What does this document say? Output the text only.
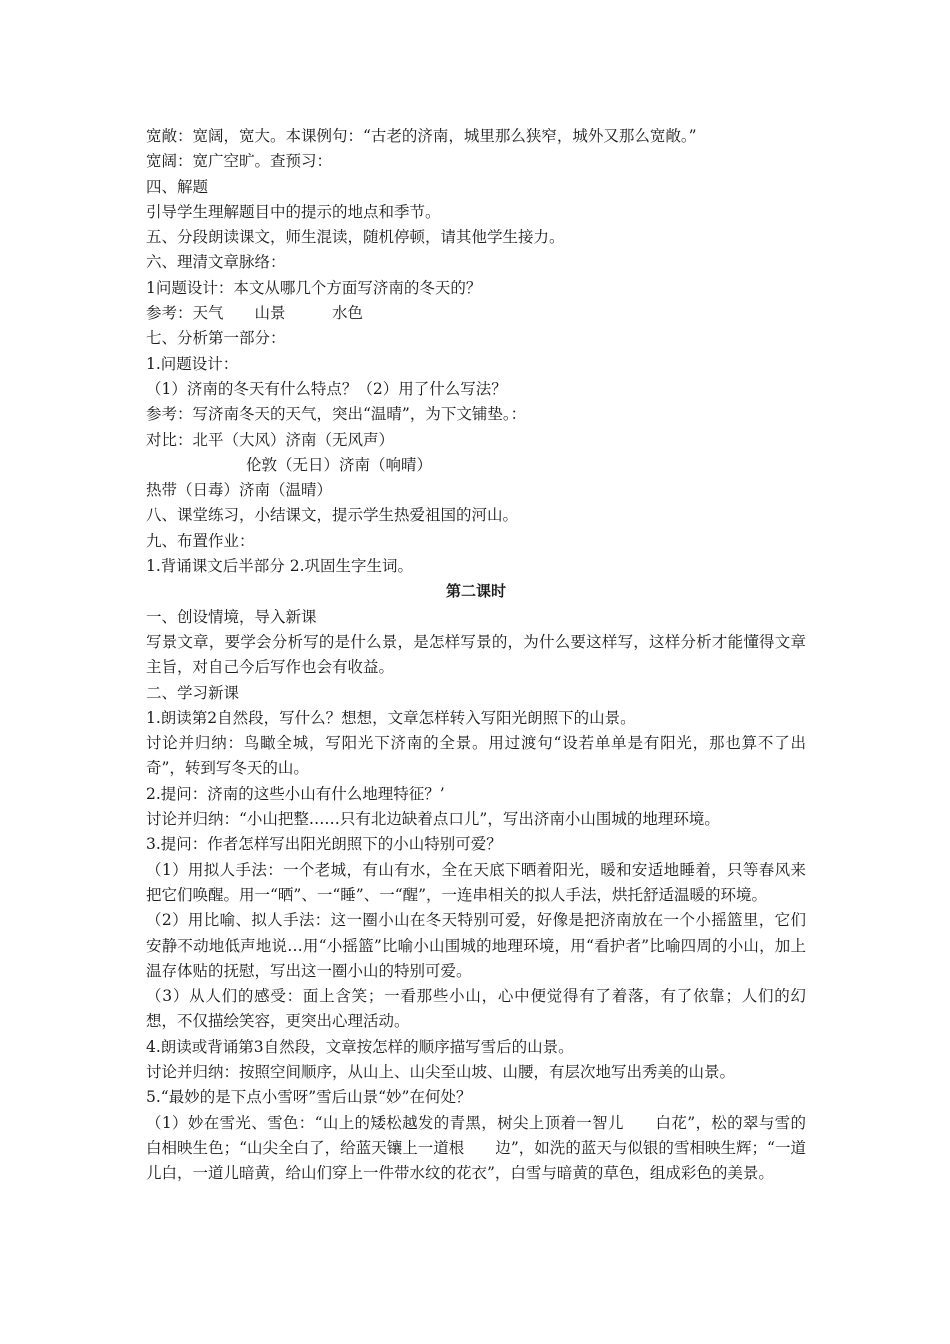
宽敞：宽阔，宽大。本课例句：“古老的济南，城里那么狭窄，城外又那么宽敞。”
宽阔：宽广空旷。查预习：
四、解题
引导学生理解题目中的提示的地点和季节。
五、分段朗读课文，师生混读，随机停顿，请其他学生接力。
六、理清文章脉络：
1问题设计：本文从哪几个方面写济南的冬天的？
参考：天气　　山景　　　水色
七、分析第一部分：
1.问题设计：
（1）济南的冬天有什么特点？（2）用了什么写法？
参考：写济南冬天的天气，突出“温晴”，为下文铺垫。：
对比：北平（大风）济南（无风声）
伦敦（无日）济南（响晴）
热带（日毒）济南（温晴）
八、课堂练习，小结课文，提示学生热爱祖国的河山。
九、布置作业：
1.背诵课文后半部分 2.巩固生字生词。
第二课时
一、创设情境，导入新课
写景文章，要学会分析写的是什么景，是怎样写景的，为什么要这样写，这样分析才能懂得文章主旨，对自己今后写作也会有收益。
二、学习新课
1.朗读第2自然段，写什么？想想，文章怎样转入写阳光朗照下的山景。
讨论并归纳：鸟瞰全城，写阳光下济南的全景。用过渡句“设若单单是有阳光，那也算不了出奇”，转到写冬天的山。
2.提问：济南的这些小山有什么地理特征？’
讨论并归纳：“小山把整……只有北边缺着点口儿”，写出济南小山围城的地理环境。
3.提问：作者怎样写出阳光朗照下的小山特别可爱？
（1）用拟人手法：一个老城，有山有水，全在天底下晒着阳光，暖和安适地睡着，只等春风来把它们唤醒。用一“晒”、一“睡”、一“醒”，一连串相关的拟人手法，烘托舒适温暖的环境。
（2）用比喻、拟人手法：这一圈小山在冬天特别可爱，好像是把济南放在一个小摇篮里，它们安静不动地低声地说…用“小摇篮”比喻小山围城的地理环境，用“看护者”比喻四周的小山，加上温存体贴的抚慰，写出这一圈小山的特别可爱。
（3）从人们的感受：面上含笑；一看那些小山，心中便觉得有了着落，有了依靠；人们的幻想，不仅描绘笑容，更突出心理活动。
4.朗读或背诵第3自然段，文章按怎样的顺序描写雪后的山景。
讨论并归纳：按照空间顺序，从山上、山尖至山坡、山腰，有层次地写出秀美的山景。
5.“最妙的是下点小雪呀”雪后山景“妙”在何处？
（1）妙在雪光、雪色：“山上的矮松越发的青黑，树尖上顶着一智儿　　白花”，松的翠与雪的白相映生色；“山尖全白了，给蓝天镶上一道根　　边”，如洗的蓝天与似银的雪相映生辉；“一道儿白，一道儿暗黄，给山们穿上一件带水纹的花衣”，白雪与暗黄的草色，组成彩色的美景。
